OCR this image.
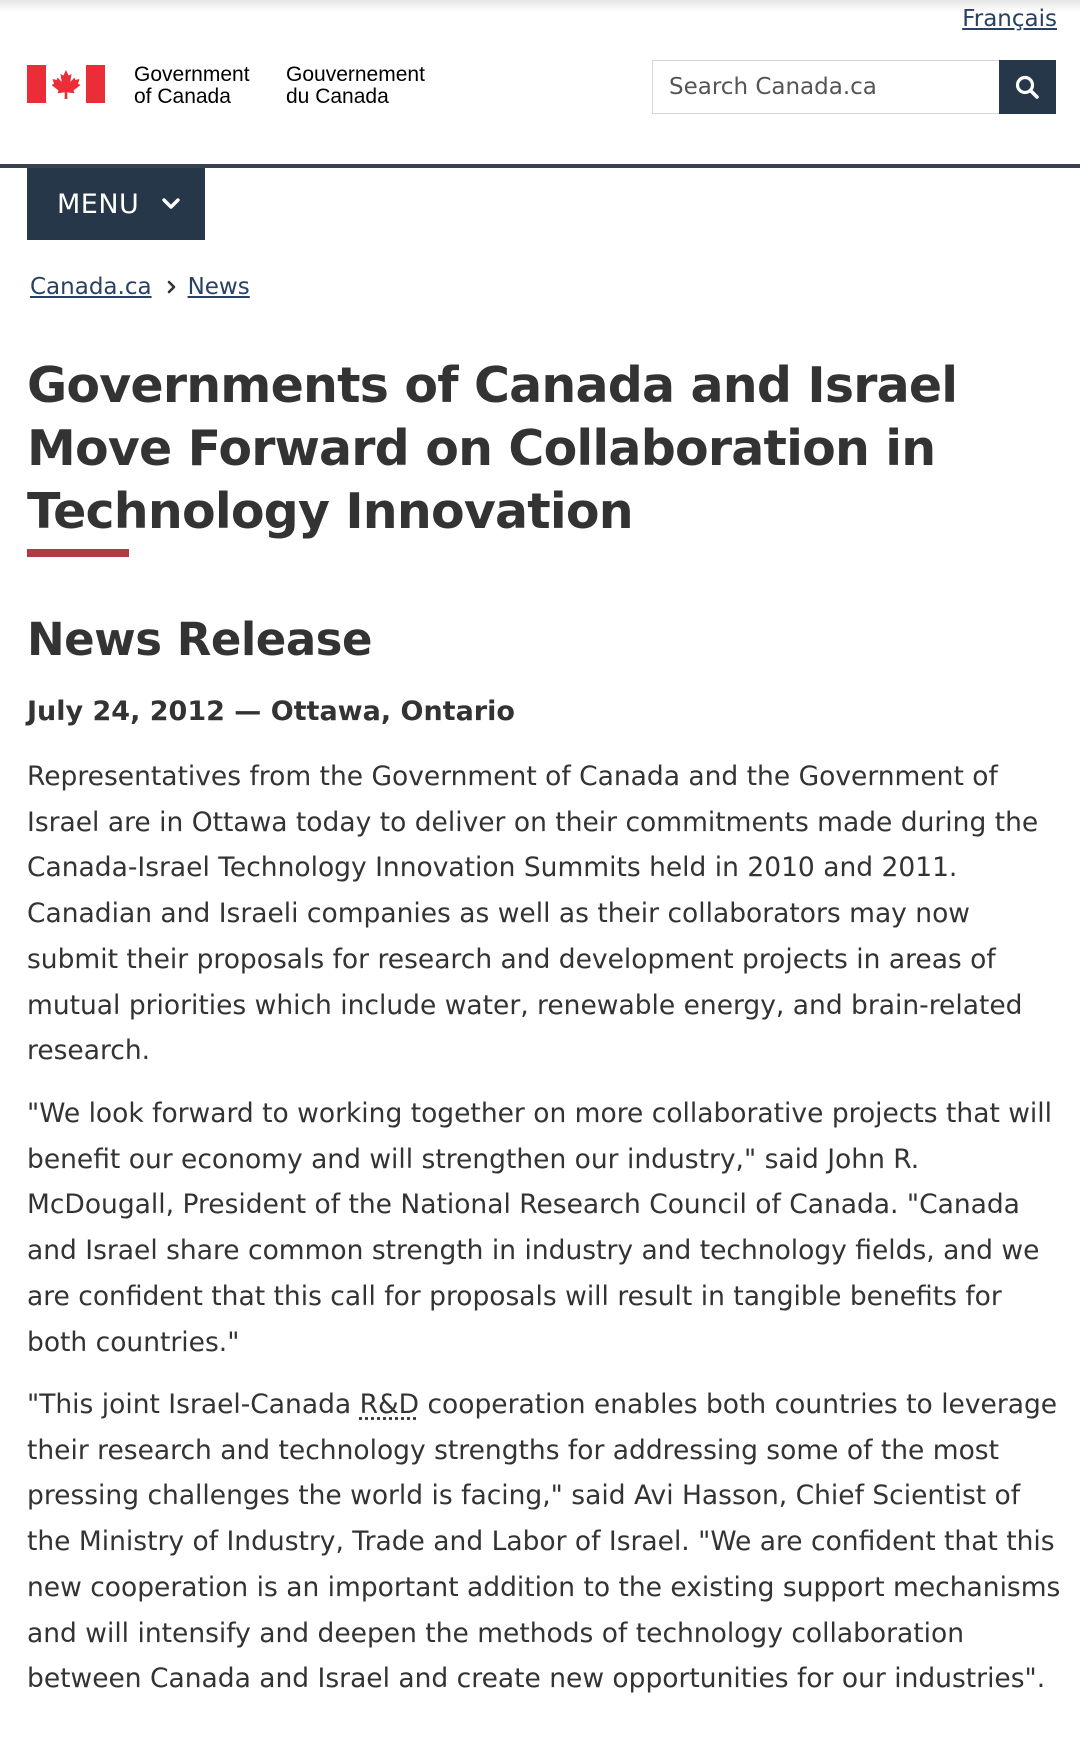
Français
Government
of Canada
Gouvernement
du Canada
Search Canada.ca
MENU
Canada.ca News
Governments of Canada and Israel Move Forward on Collaboration in Technology Innovation
News Release

July 24, 2012 — Ottawa, Ontario

Representatives from the Government of Canada and the Government of Israel are in Ottawa today to deliver on their commitments made during the Canada-Israel Technology Innovation Summits held in 2010 and 2011. Canadian and Israeli companies as well as their collaborators may now submit their proposals for research and development projects in areas of mutual priorities which include water, renewable energy, and brain-related research.

"We look forward to working together on more collaborative projects that will benefit our economy and will strengthen our industry," said John R. McDougall, President of the National Research Council of Canada. "Canada and Israel share common strength in industry and technology fields, and we are confident that this call for proposals will result in tangible benefits for both countries."

"This joint Israel-Canada R&D cooperation enables both countries to leverage their research and technology strengths for addressing some of the most pressing challenges the world is facing," said Avi Hasson, Chief Scientist of the Ministry of Industry, Trade and Labor of Israel. "We are confident that this new cooperation is an important addition to the existing support mechanisms and will intensify and deepen the methods of technology collaboration between Canada and Israel and create new opportunities for our industries".
